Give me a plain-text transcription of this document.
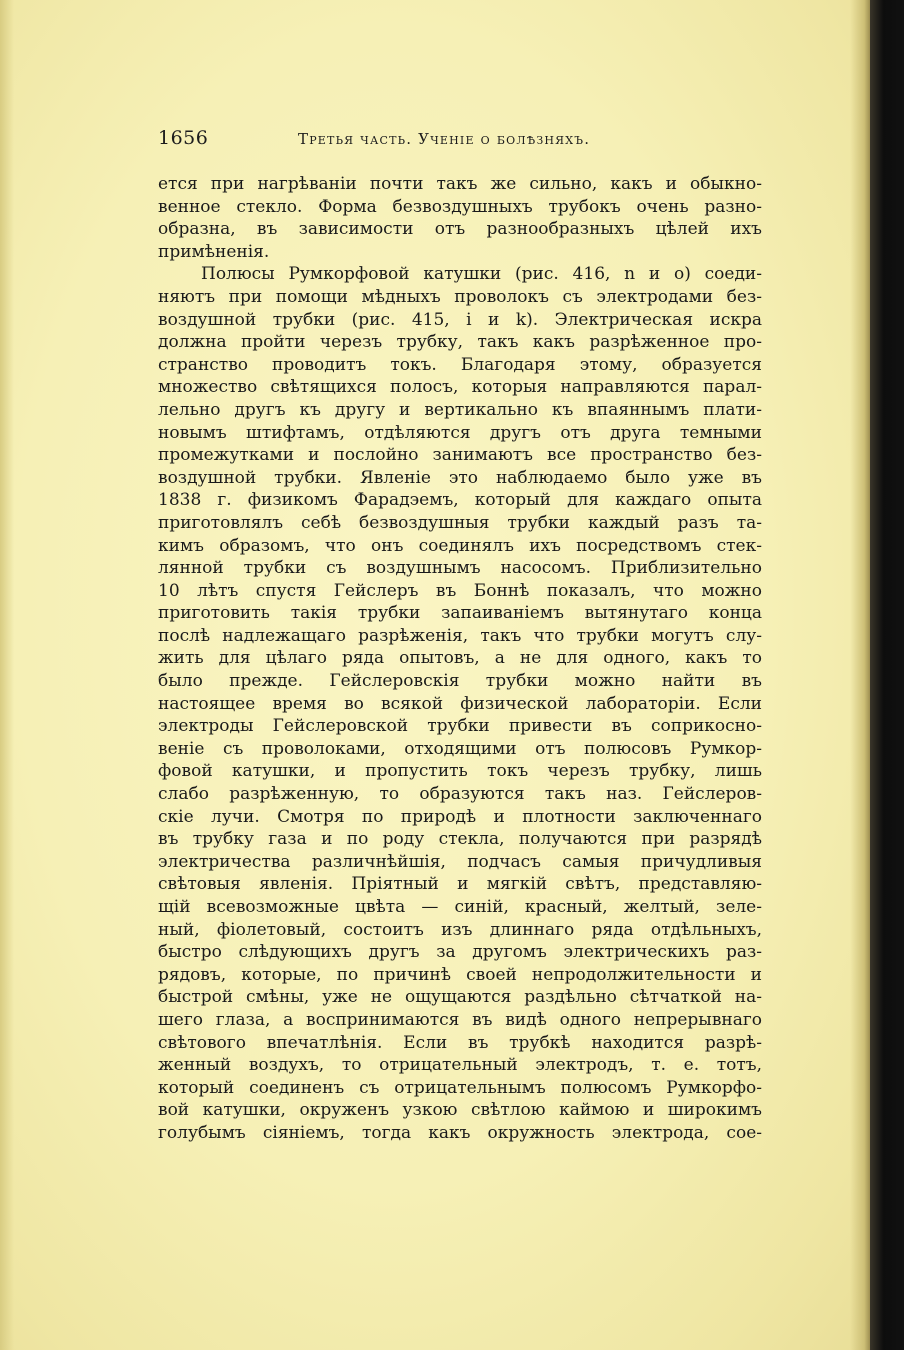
1656	Третья часть. Ученіе о болѣзняхъ.
ется при нагрѣваніи почти такъ же сильно, какъ и обыкно-
венное стекло. Форма безвоздушныхъ трубокъ очень разно-
образна, въ зависимости отъ разнообразныхъ цѣлей ихъ
примѣненія.
Полюсы Румкорфовой катушки (рис. 416, n и o) соеди-
няютъ при помощи мѣдныхъ проволокъ съ электродами без-
воздушной трубки (рис. 415, i и k). Электрическая искра
должна пройти черезъ трубку, такъ какъ разрѣженное про-
странство проводитъ токъ. Благодаря этому, образуется
множество свѣтящихся полосъ, которыя направляются парал-
лельно другъ къ другу и вертикально къ впаяннымъ плати-
новымъ штифтамъ, отдѣляются другъ отъ друга темными
промежутками и послойно занимаютъ все пространство без-
воздушной трубки. Явленіе это наблюдаемо было уже въ
1838 г. физикомъ Фарадэемъ, который для каждаго опыта
приготовлялъ себѣ безвоздушныя трубки каждый разъ та-
кимъ образомъ, что онъ соединялъ ихъ посредствомъ стек-
лянной трубки съ воздушнымъ насосомъ. Приблизительно
10 лѣтъ спустя Гейслеръ въ Боннѣ показалъ, что можно
приготовить такія трубки запаиваніемъ вытянутаго конца
послѣ надлежащаго разрѣженія, такъ что трубки могутъ слу-
жить для цѣлаго ряда опытовъ, а не для одного, какъ то
было прежде. Гейслеровскія трубки можно найти въ
настоящее время во всякой физической лабораторіи. Если
электроды Гейслеровской трубки привести въ соприкосно-
веніе съ проволоками, отходящими отъ полюсовъ Румкор-
фовой катушки, и пропустить токъ черезъ трубку, лишь
слабо разрѣженную, то образуются такъ наз. Гейслеров-
скіе лучи. Смотря по природѣ и плотности заключеннаго
въ трубку газа и по роду стекла, получаются при разрядѣ
электричества различнѣйшія, подчасъ самыя причудливыя
свѣтовыя явленія. Пріятный и мягкій свѣтъ, представляю-
щій всевозможные цвѣта — синій, красный, желтый, зеле-
ный, фіолетовый, состоитъ изъ длиннаго ряда отдѣльныхъ,
быстро слѣдующихъ другъ за другомъ электрическихъ раз-
рядовъ, которые, по причинѣ своей непродолжительности и
быстрой смѣны, уже не ощущаются раздѣльно сѣтчаткой на-
шего глаза, а воспринимаются въ видѣ одного непрерывнаго
свѣтового впечатлѣнія. Если въ трубкѣ находится разрѣ-
женный воздухъ, то отрицательный электродъ, т. е. тотъ,
который соединенъ съ отрицательнымъ полюсомъ Румкорфо-
вой катушки, окруженъ узкою свѣтлою каймою и широкимъ
голубымъ сіяніемъ, тогда какъ окружность электрода, сое-
